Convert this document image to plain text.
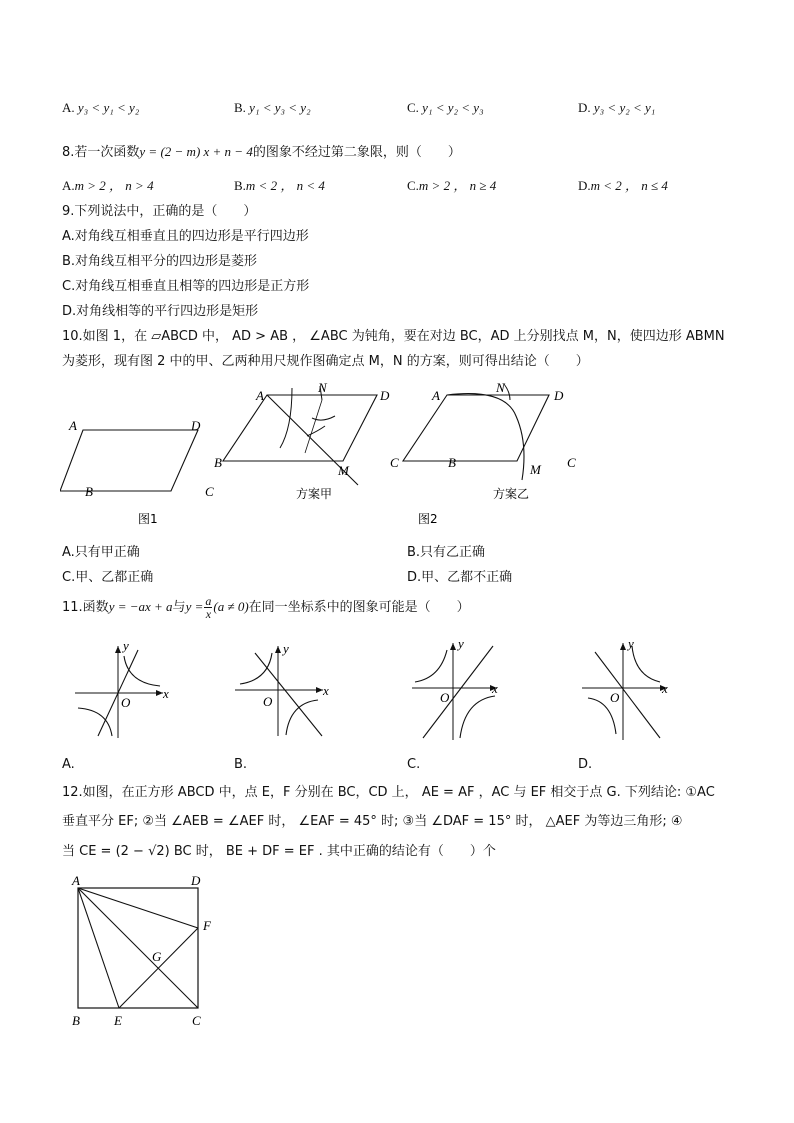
A. y₃ < y₁ < y₂	B. y₁ < y₃ < y₂	C. y₁ < y₂ < y₃	D. y₃ < y₂ < y₁
8.若一次函数y = (2 − m) x + n − 4的图象不经过第二象限，则（　　）
A.m > 2 ， n > 4	B.m < 2 ， n < 4	C.m > 2 ， n ≥ 4	D.m < 2 ， n ≤ 4
9.下列说法中，正确的是（　　）
A.对角线互相垂直且的四边形是平行四边形
B.对角线互相平分的四边形是菱形
C.对角线互相垂直且相等的四边形是正方形
D.对角线相等的平行四边形是矩形
10.如图 1，在 ▱ABCD 中， AD > AB ， ∠ABC 为钝角，要在对边 BC，AD 上分别找点 M，N，使四边形 ABMN
为菱形，现有图 2 中的甲、乙两种用尺规作图确定点 M，N 的方案，则可得出结论（　　）
A	D
B	C
图1
A
N
D
B
M
C
方案甲
A
N
D
B	M C
方案乙
图2
A.只有甲正确	B.只有乙正确
C.甲、乙都正确	D.甲、乙都不正确
11.函数y = −ax + a与$y = \frac{a}{x} (a \ne 0)$在同一坐标系中的图象可能是（　　）
x
y
O
x
y
O
x
y
O
x
y
O
A.	B.	C.	D.
12.如图，在正方形 ABCD 中，点 E，F 分别在 BC，CD 上， AE = AF ，AC 与 EF 相交于点 G. 下列结论: ①AC
垂直平分 EF; ②当 ∠AEB = ∠AEF 时， ∠EAF = 45° 时; ③当 ∠DAF = 15° 时， △AEF 为等边三角形; ④
当 CE = (2 − √2) BC 时， BE + DF = EF . 其中正确的结论有（　　）个
A	D
F
G
B	E	C
